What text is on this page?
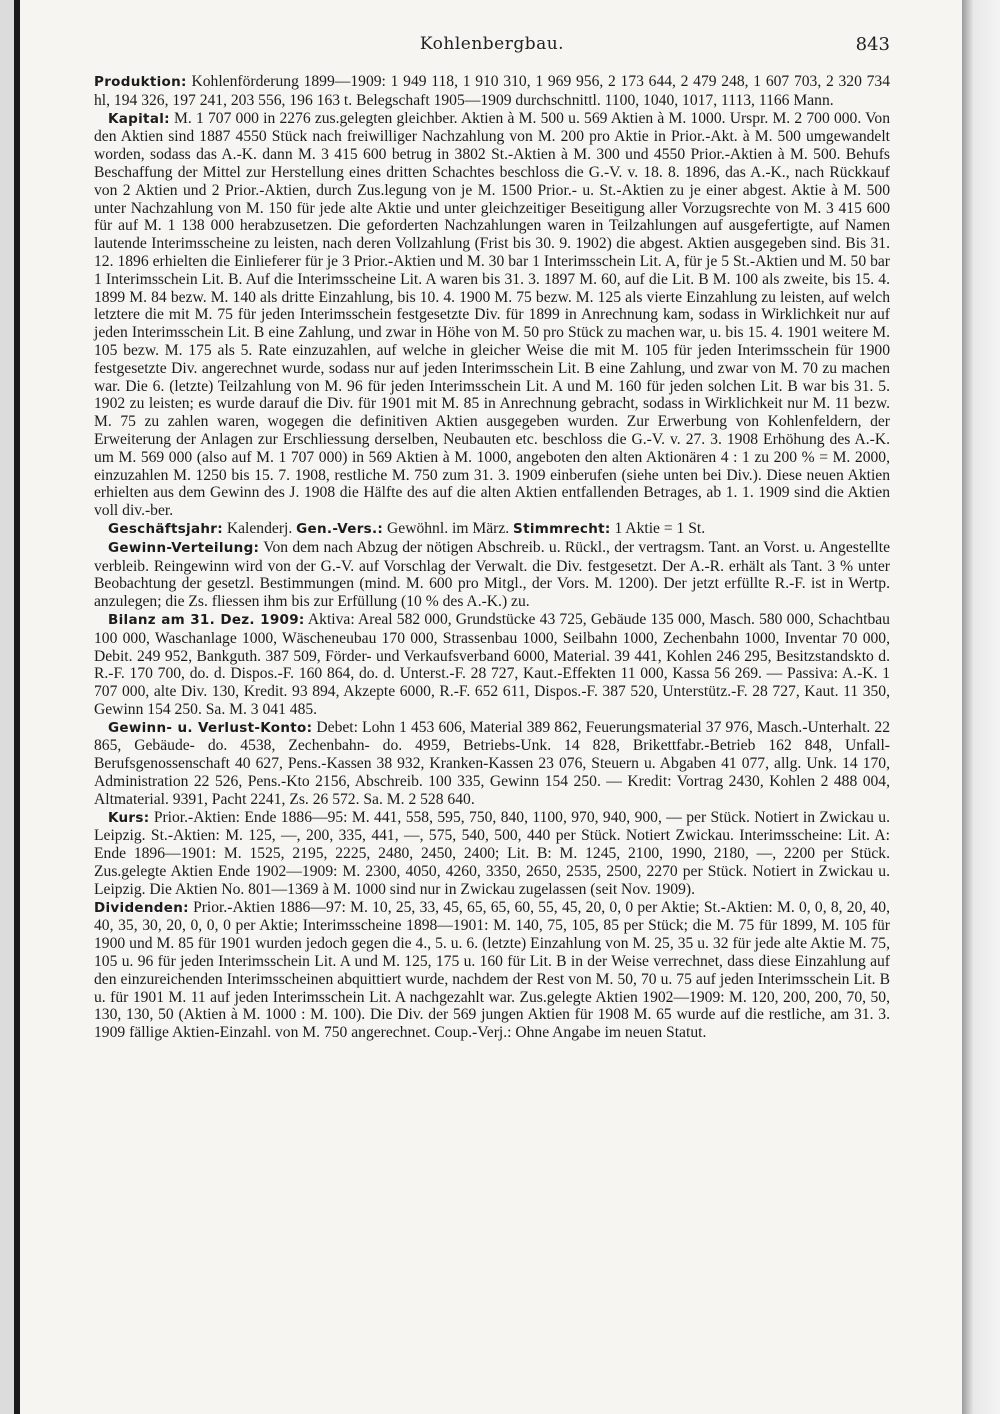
Kohlenbergbau.	843

Produktion: Kohlenförderung 1899—1909: 1 949 118, 1 910 310, 1 969 956, 2 173 644, 2 479 248, 1 607 703, 2 320 734 hl, 194 326, 197 241, 203 556, 196 163 t. Belegschaft 1905—1909 durchschnittl. 1100, 1040, 1017, 1113, 1166 Mann.

Kapital: M. 1 707 000 in 2276 zus.gelegten gleichber. Aktien à M. 500 u. 569 Aktien à M. 1000. Urspr. M. 2 700 000. Von den Aktien sind 1887 4550 Stück nach freiwilliger Nachzahlung von M. 200 pro Aktie in Prior.-Akt. à M. 500 umgewandelt worden, sodass das A.-K. dann M. 3 415 600 betrug in 3802 St.-Aktien à M. 300 und 4550 Prior.-Aktien à M. 500. Behufs Beschaffung der Mittel zur Herstellung eines dritten Schachtes beschloss die G.-V. v. 18. 8. 1896, das A.-K., nach Rückkauf von 2 Aktien und 2 Prior.-Aktien, durch Zus.legung von je M. 1500 Prior.- u. St.-Aktien zu je einer abgest. Aktie à M. 500 unter Nachzahlung von M. 150 für jede alte Aktie und unter gleichzeitiger Beseitigung aller Vorzugsrechte von M. 3 415 600 für auf M. 1 138 000 herabzusetzen. Die geforderten Nachzahlungen waren in Teilzahlungen auf ausgefertigte, auf Namen lautende Interimsscheine zu leisten, nach deren Vollzahlung (Frist bis 30. 9. 1902) die abgest. Aktien ausgegeben sind. Bis 31. 12. 1896 erhielten die Einlieferer für je 3 Prior.-Aktien und M. 30 bar 1 Interimsschein Lit. A, für je 5 St.-Aktien und M. 50 bar 1 Interimsschein Lit. B. Auf die Interimsscheine Lit. A waren bis 31. 3. 1897 M. 60, auf die Lit. B M. 100 als zweite, bis 15. 4. 1899 M. 84 bezw. M. 140 als dritte Einzahlung, bis 10. 4. 1900 M. 75 bezw. M. 125 als vierte Einzahlung zu leisten, auf welch letztere die mit M. 75 für jeden Interimsschein festgesetzte Div. für 1899 in Anrechnung kam, sodass in Wirklichkeit nur auf jeden Interimsschein Lit. B eine Zahlung, und zwar in Höhe von M. 50 pro Stück zu machen war, u. bis 15. 4. 1901 weitere M. 105 bezw. M. 175 als 5. Rate einzuzahlen, auf welche in gleicher Weise die mit M. 105 für jeden Interimsschein für 1900 festgesetzte Div. angerechnet wurde, sodass nur auf jeden Interimsschein Lit. B eine Zahlung, und zwar von M. 70 zu machen war. Die 6. (letzte) Teilzahlung von M. 96 für jeden Interimsschein Lit. A und M. 160 für jeden solchen Lit. B war bis 31. 5. 1902 zu leisten; es wurde darauf die Div. für 1901 mit M. 85 in Anrechnung gebracht, sodass in Wirklichkeit nur M. 11 bezw. M. 75 zu zahlen waren, wogegen die definitiven Aktien ausgegeben wurden. Zur Erwerbung von Kohlenfeldern, der Erweiterung der Anlagen zur Erschliessung derselben, Neubauten etc. beschloss die G.-V. v. 27. 3. 1908 Erhöhung des A.-K. um M. 569 000 (also auf M. 1 707 000) in 569 Aktien à M. 1000, angeboten den alten Aktionären 4 : 1 zu 200 % = M. 2000, einzuzahlen M. 1250 bis 15. 7. 1908, restliche M. 750 zum 31. 3. 1909 einberufen (siehe unten bei Div.). Diese neuen Aktien erhielten aus dem Gewinn des J. 1908 die Hälfte des auf die alten Aktien entfallenden Betrages, ab 1. 1. 1909 sind die Aktien voll div.-ber.

Geschäftsjahr: Kalenderj. Gen.-Vers.: Gewöhnl. im März. Stimmrecht: 1 Aktie = 1 St.

Gewinn-Verteilung: Von dem nach Abzug der nötigen Abschreib. u. Rückl., der vertragsm. Tant. an Vorst. u. Angestellte verbleib. Reingewinn wird von der G.-V. auf Vorschlag der Verwalt. die Div. festgesetzt. Der A.-R. erhält als Tant. 3 % unter Beobachtung der gesetzl. Bestimmungen (mind. M. 600 pro Mitgl., der Vors. M. 1200). Der jetzt erfüllte R.-F. ist in Wertp. anzulegen; die Zs. fliessen ihm bis zur Erfüllung (10 % des A.-K.) zu.

Bilanz am 31. Dez. 1909: Aktiva: Areal 582 000, Grundstücke 43 725, Gebäude 135 000, Masch. 580 000, Schachtbau 100 000, Waschanlage 1000, Wäscheneubau 170 000, Strassenbau 1000, Seilbahn 1000, Zechenbahn 1000, Inventar 70 000, Debit. 249 952, Bankguth. 387 509, Förder- und Verkaufsverband 6000, Material. 39 441, Kohlen 246 295, Besitzstandskto d. R.-F. 170 700, do. d. Dispos.-F. 160 864, do. d. Unterst.-F. 28 727, Kaut.-Effekten 11 000, Kassa 56 269. — Passiva: A.-K. 1 707 000, alte Div. 130, Kredit. 93 894, Akzepte 6000, R.-F. 652 611, Dispos.-F. 387 520, Unterstütz.-F. 28 727, Kaut. 11 350, Gewinn 154 250. Sa. M. 3 041 485.

Gewinn- u. Verlust-Konto: Debet: Lohn 1 453 606, Material 389 862, Feuerungsmaterial 37 976, Masch.-Unterhalt. 22 865, Gebäude- do. 4538, Zechenbahn- do. 4959, Betriebs-Unk. 14 828, Brikettfabr.-Betrieb 162 848, Unfall-Berufsgenossenschaft 40 627, Pens.-Kassen 38 932, Kranken-Kassen 23 076, Steuern u. Abgaben 41 077, allg. Unk. 14 170, Administration 22 526, Pens.-Kto 2156, Abschreib. 100 335, Gewinn 154 250. — Kredit: Vortrag 2430, Kohlen 2 488 004, Altmaterial. 9391, Pacht 2241, Zs. 26 572. Sa. M. 2 528 640.

Kurs: Prior.-Aktien: Ende 1886—95: M. 441, 558, 595, 750, 840, 1100, 970, 940, 900, — per Stück. Notiert in Zwickau u. Leipzig. St.-Aktien: M. 125, —, 200, 335, 441, —, 575, 540, 500, 440 per Stück. Notiert Zwickau. Interimsscheine: Lit. A: Ende 1896—1901: M. 1525, 2195, 2225, 2480, 2450, 2400; Lit. B: M. 1245, 2100, 1990, 2180, —, 2200 per Stück. Zus.gelegte Aktien Ende 1902—1909: M. 2300, 4050, 4260, 3350, 2650, 2535, 2500, 2270 per Stück. Notiert in Zwickau u. Leipzig. Die Aktien No. 801—1369 à M. 1000 sind nur in Zwickau zugelassen (seit Nov. 1909).

Dividenden: Prior.-Aktien 1886—97: M. 10, 25, 33, 45, 65, 65, 60, 55, 45, 20, 0, 0 per Aktie; St.-Aktien: M. 0, 0, 8, 20, 40, 40, 35, 30, 20, 0, 0, 0 per Aktie; Interimsscheine 1898—1901: M. 140, 75, 105, 85 per Stück; die M. 75 für 1899, M. 105 für 1900 und M. 85 für 1901 wurden jedoch gegen die 4., 5. u. 6. (letzte) Einzahlung von M. 25, 35 u. 32 für jede alte Aktie M. 75, 105 u. 96 für jeden Interimsschein Lit. A und M. 125, 175 u. 160 für Lit. B in der Weise verrechnet, dass diese Einzahlung auf den einzureichenden Interimsscheinen abquittiert wurde, nachdem der Rest von M. 50, 70 u. 75 auf jeden Interimsschein Lit. B u. für 1901 M. 11 auf jeden Interimsschein Lit. A nachgezahlt war. Zus.gelegte Aktien 1902—1909: M. 120, 200, 200, 70, 50, 130, 130, 50 (Aktien à M. 1000 : M. 100). Die Div. der 569 jungen Aktien für 1908 M. 65 wurde auf die restliche, am 31. 3. 1909 fällige Aktien-Einzahl. von M. 750 angerechnet. Coup.-Verj.: Ohne Angabe im neuen Statut.
